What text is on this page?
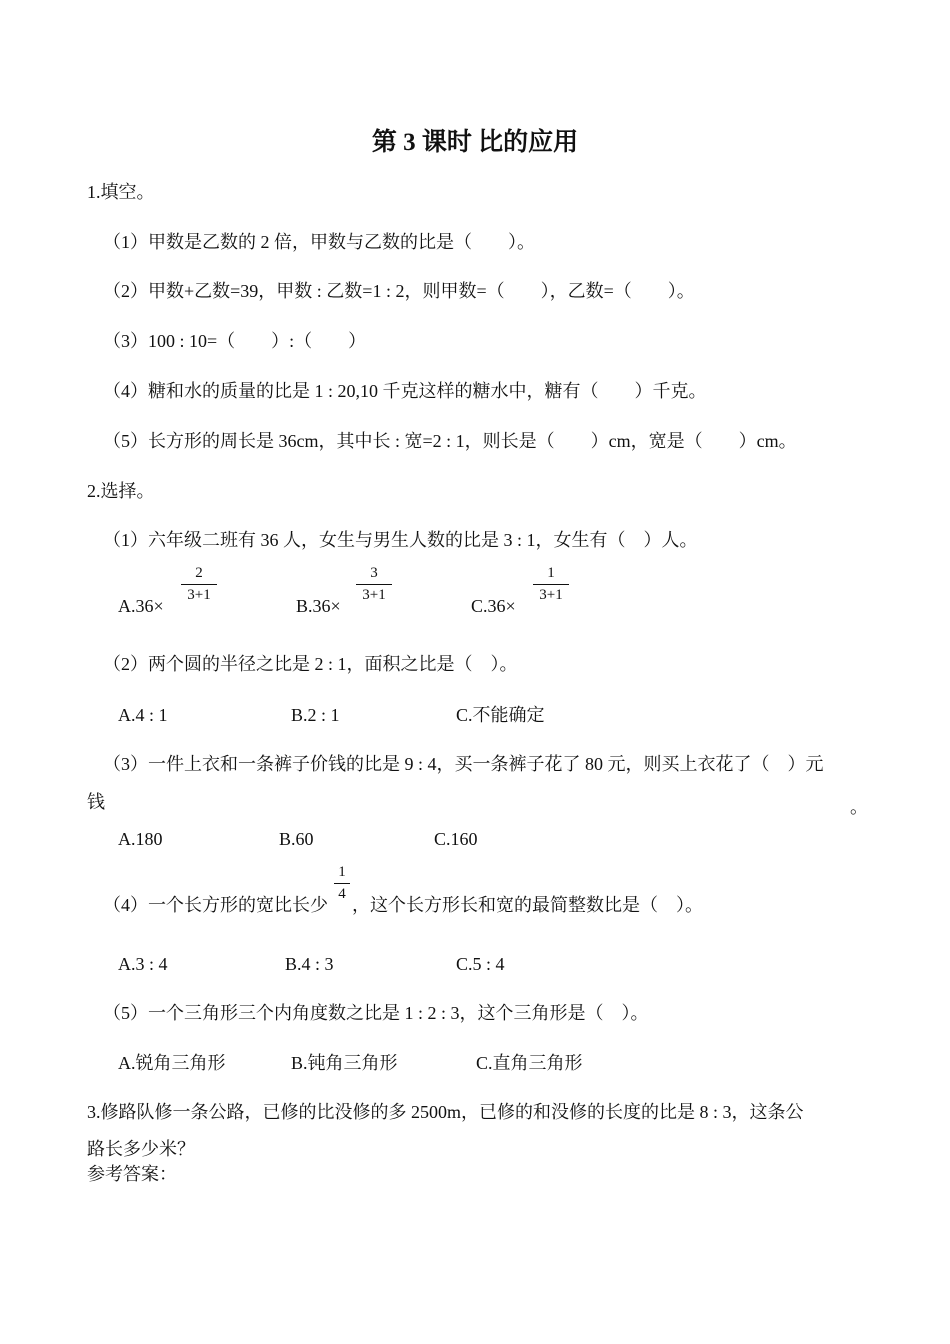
第 3 课时 比的应用
1.填空。
（1）甲数是乙数的 2 倍，甲数与乙数的比是（　　）。
（2）甲数+乙数=39，甲数 : 乙数=1 : 2，则甲数=（　　），乙数=（　　）。
（3）100 : 10=（　　）:（　　）
（4）糖和水的质量的比是 1 : 20,10 千克这样的糖水中，糖有（　　）千克。
（5）长方形的周长是 36cm，其中长 : 宽=2 : 1，则长是（　　）cm，宽是（　　）cm。
2.选择。
（1）六年级二班有 36 人，女生与男生人数的比是 3 : 1，女生有（　）人。
A.36×
2
3+1
B.36×
3
3+1
C.36×
1
3+1
（2）两个圆的半径之比是 2 : 1，面积之比是（　）。
A.4 : 1	B.2 : 1	C.不能确定
（3）一件上衣和一条裤子价钱的比是 9 : 4，买一条裤子花了 80 元，则买上衣花了（　）元
钱	。
A.180	B.60	C.160
（4）一个长方形的宽比长少
1
4
，这个长方形长和宽的最简整数比是（　）。
A.3 : 4	B.4 : 3	C.5 : 4
（5）一个三角形三个内角度数之比是 1 : 2 : 3，这个三角形是（　）。
A.锐角三角形	B.钝角三角形	C.直角三角形
3.修路队修一条公路，已修的比没修的多 2500m，已修的和没修的长度的比是 8 : 3，这条公
路长多少米？
参考答案：
